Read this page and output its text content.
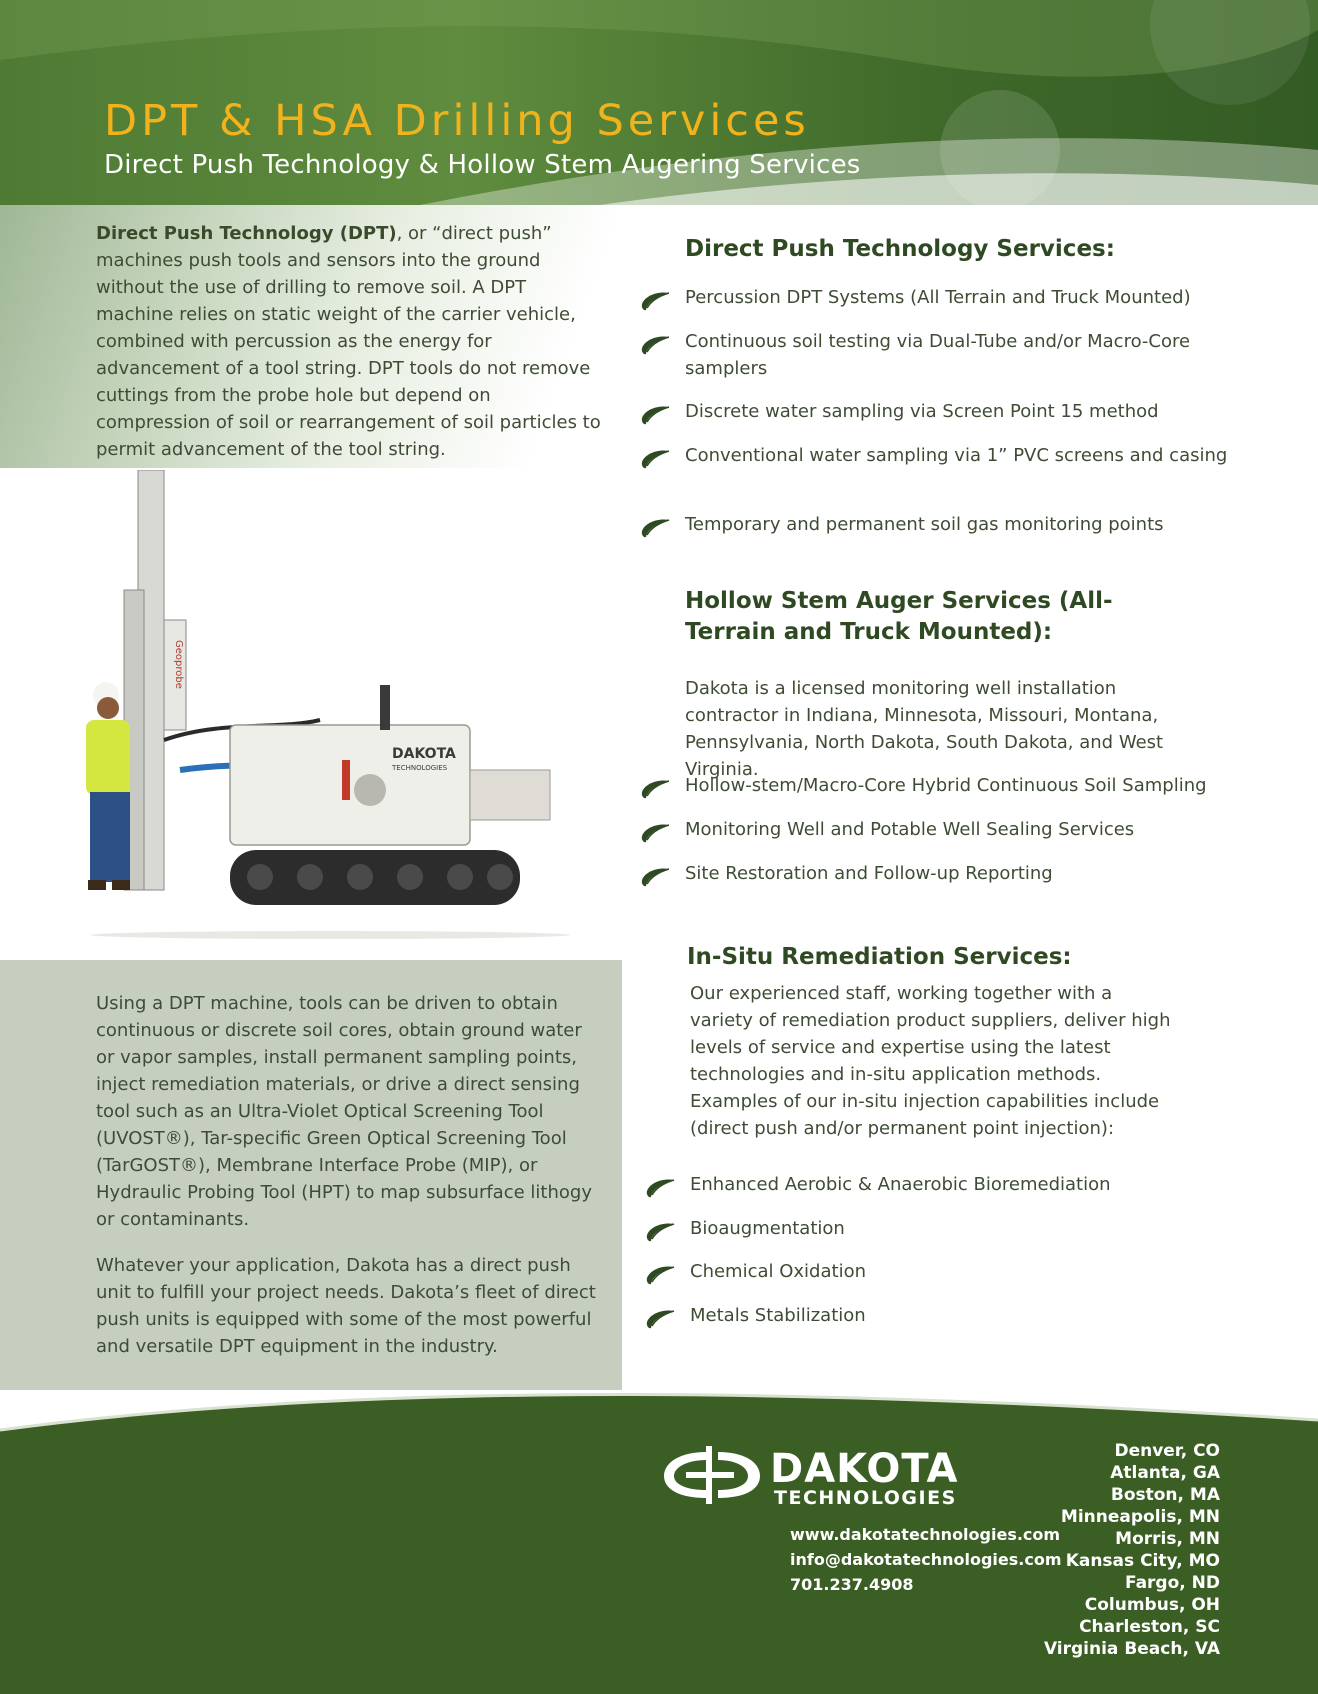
DPT & HSA Drilling Services
Direct Push Technology & Hollow Stem Augering Services

Direct Push Technology (DPT), or “direct push” machines push tools and sensors into the ground without the use of drilling to remove soil. A DPT machine relies on static weight of the carrier vehicle, combined with percussion as the energy for advancement of a tool string. DPT tools do not remove cuttings from the probe hole but depend on compression of soil or rearrangement of soil particles to permit advancement of the tool string.

Geoprobe
DAKOTA
TECHNOLOGIES

Using a DPT machine, tools can be driven to obtain continuous or discrete soil cores, obtain ground water or vapor samples, install permanent sampling points, inject remediation materials, or drive a direct sensing tool such as an Ultra-Violet Optical Screening Tool (UVOST®), Tar-specific Green Optical Screening Tool (TarGOST®), Membrane Interface Probe (MIP), or Hydraulic Probing Tool (HPT) to map subsurface lithogy or contaminants.

Whatever your application, Dakota has a direct push unit to fulfill your project needs. Dakota’s fleet of direct push units is equipped with some of the most powerful and versatile DPT equipment in the industry.

Direct Push Technology Services:
Percussion DPT Systems (All Terrain and Truck Mounted)
Continuous soil testing via Dual-Tube and/or Macro-Core samplers
Discrete water sampling via Screen Point 15 method
Conventional water sampling via 1” PVC screens and casing
Temporary and permanent soil gas monitoring points
Hollow Stem Auger Services (All-Terrain and Truck Mounted):

Dakota is a licensed monitoring well installation contractor in Indiana, Minnesota, Missouri, Montana, Pennsylvania, North Dakota, South Dakota, and West Virginia.

Hollow-stem/Macro-Core Hybrid Continuous Soil Sampling
Monitoring Well and Potable Well Sealing Services
Site Restoration and Follow-up Reporting
In-Situ Remediation Services:

Our experienced staff, working together with a variety of remediation product suppliers, deliver high levels of service and expertise using the latest technologies and in-situ application methods. Examples of our in-situ injection capabilities include (direct push and/or permanent point injection):

Enhanced Aerobic & Anaerobic Bioremediation
Bioaugmentation
Chemical Oxidation
Metals Stabilization
DAKOTA
TECHNOLOGIES
www.dakotatechnologies.com
info@dakotatechnologies.com
701.237.4908
Denver, CO
Atlanta, GA
Boston, MA
Minneapolis, MN
Morris, MN
Kansas City, MO
Fargo, ND
Columbus, OH
Charleston, SC
Virginia Beach, VA
